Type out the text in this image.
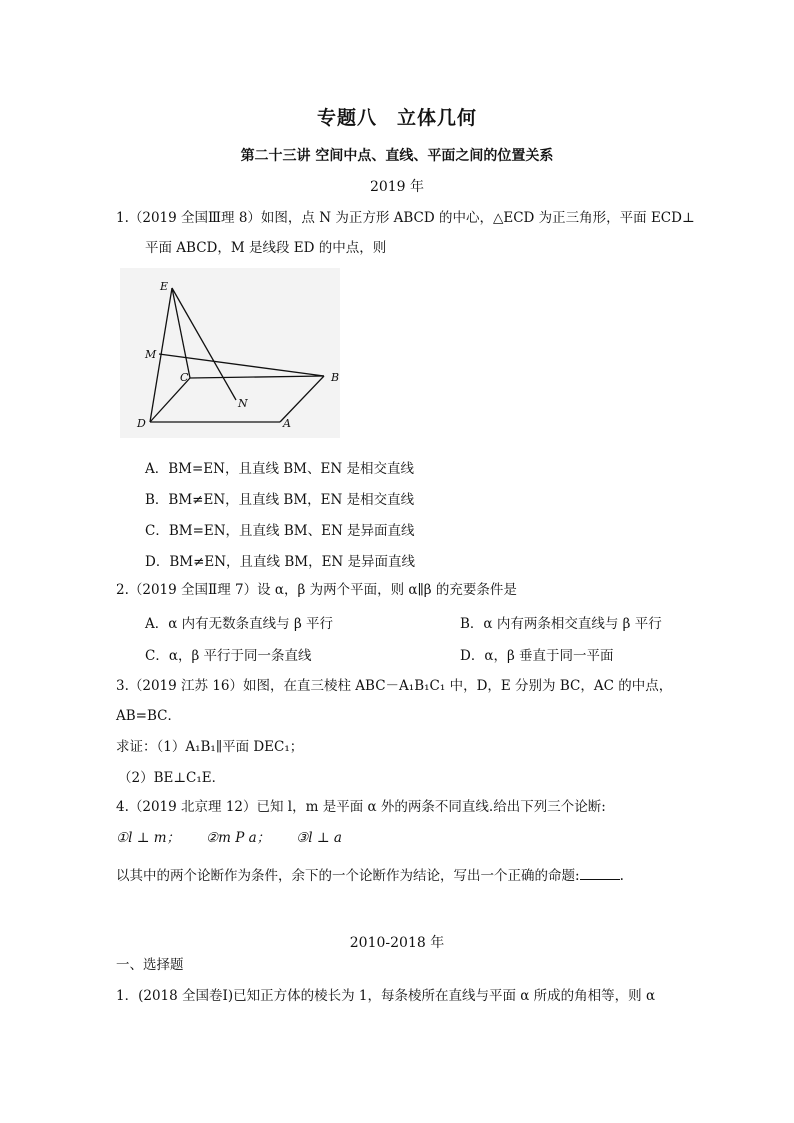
专题八　立体几何
第二十三讲 空间中点、直线、平面之间的位置关系
2019 年
1.（2019 全国Ⅲ理 8）如图，点 N 为正方形 ABCD 的中心，△ECD 为正三角形，平面 ECD⊥
平面 ABCD，M 是线段 ED 的中点，则
E
M
C	B
N
D	A
A．BM=EN，且直线 BM、EN 是相交直线
B．BM≠EN，且直线 BM，EN 是相交直线
C．BM=EN，且直线 BM、EN 是异面直线
D．BM≠EN，且直线 BM，EN 是异面直线
2.（2019 全国Ⅱ理 7）设 α，β 为两个平面，则 α∥β 的充要条件是
A．α 内有无数条直线与 β 平行	B．α 内有两条相交直线与 β 平行
C．α，β 平行于同一条直线	D．α，β 垂直于同一平面
3.（2019 江苏 16）如图，在直三棱柱 ABC－A₁B₁C₁ 中，D，E 分别为 BC，AC 的中点，
AB=BC．
求证：（1）A₁B₁∥平面 DEC₁；
（2）BE⊥C₁E．
4.（2019 北京理 12）已知 l，m 是平面 α 外的两条不同直线.给出下列三个论断:
①l ⊥ m； ②m P a； ③l ⊥ a
以其中的两个论断作为条件，余下的一个论断作为结论，写出一个正确的命题:	.
2010-2018 年
一、选择题
1．(2018 全国卷Ⅰ)已知正方体的棱长为 1，每条棱所在直线与平面 α 所成的角相等，则 α
